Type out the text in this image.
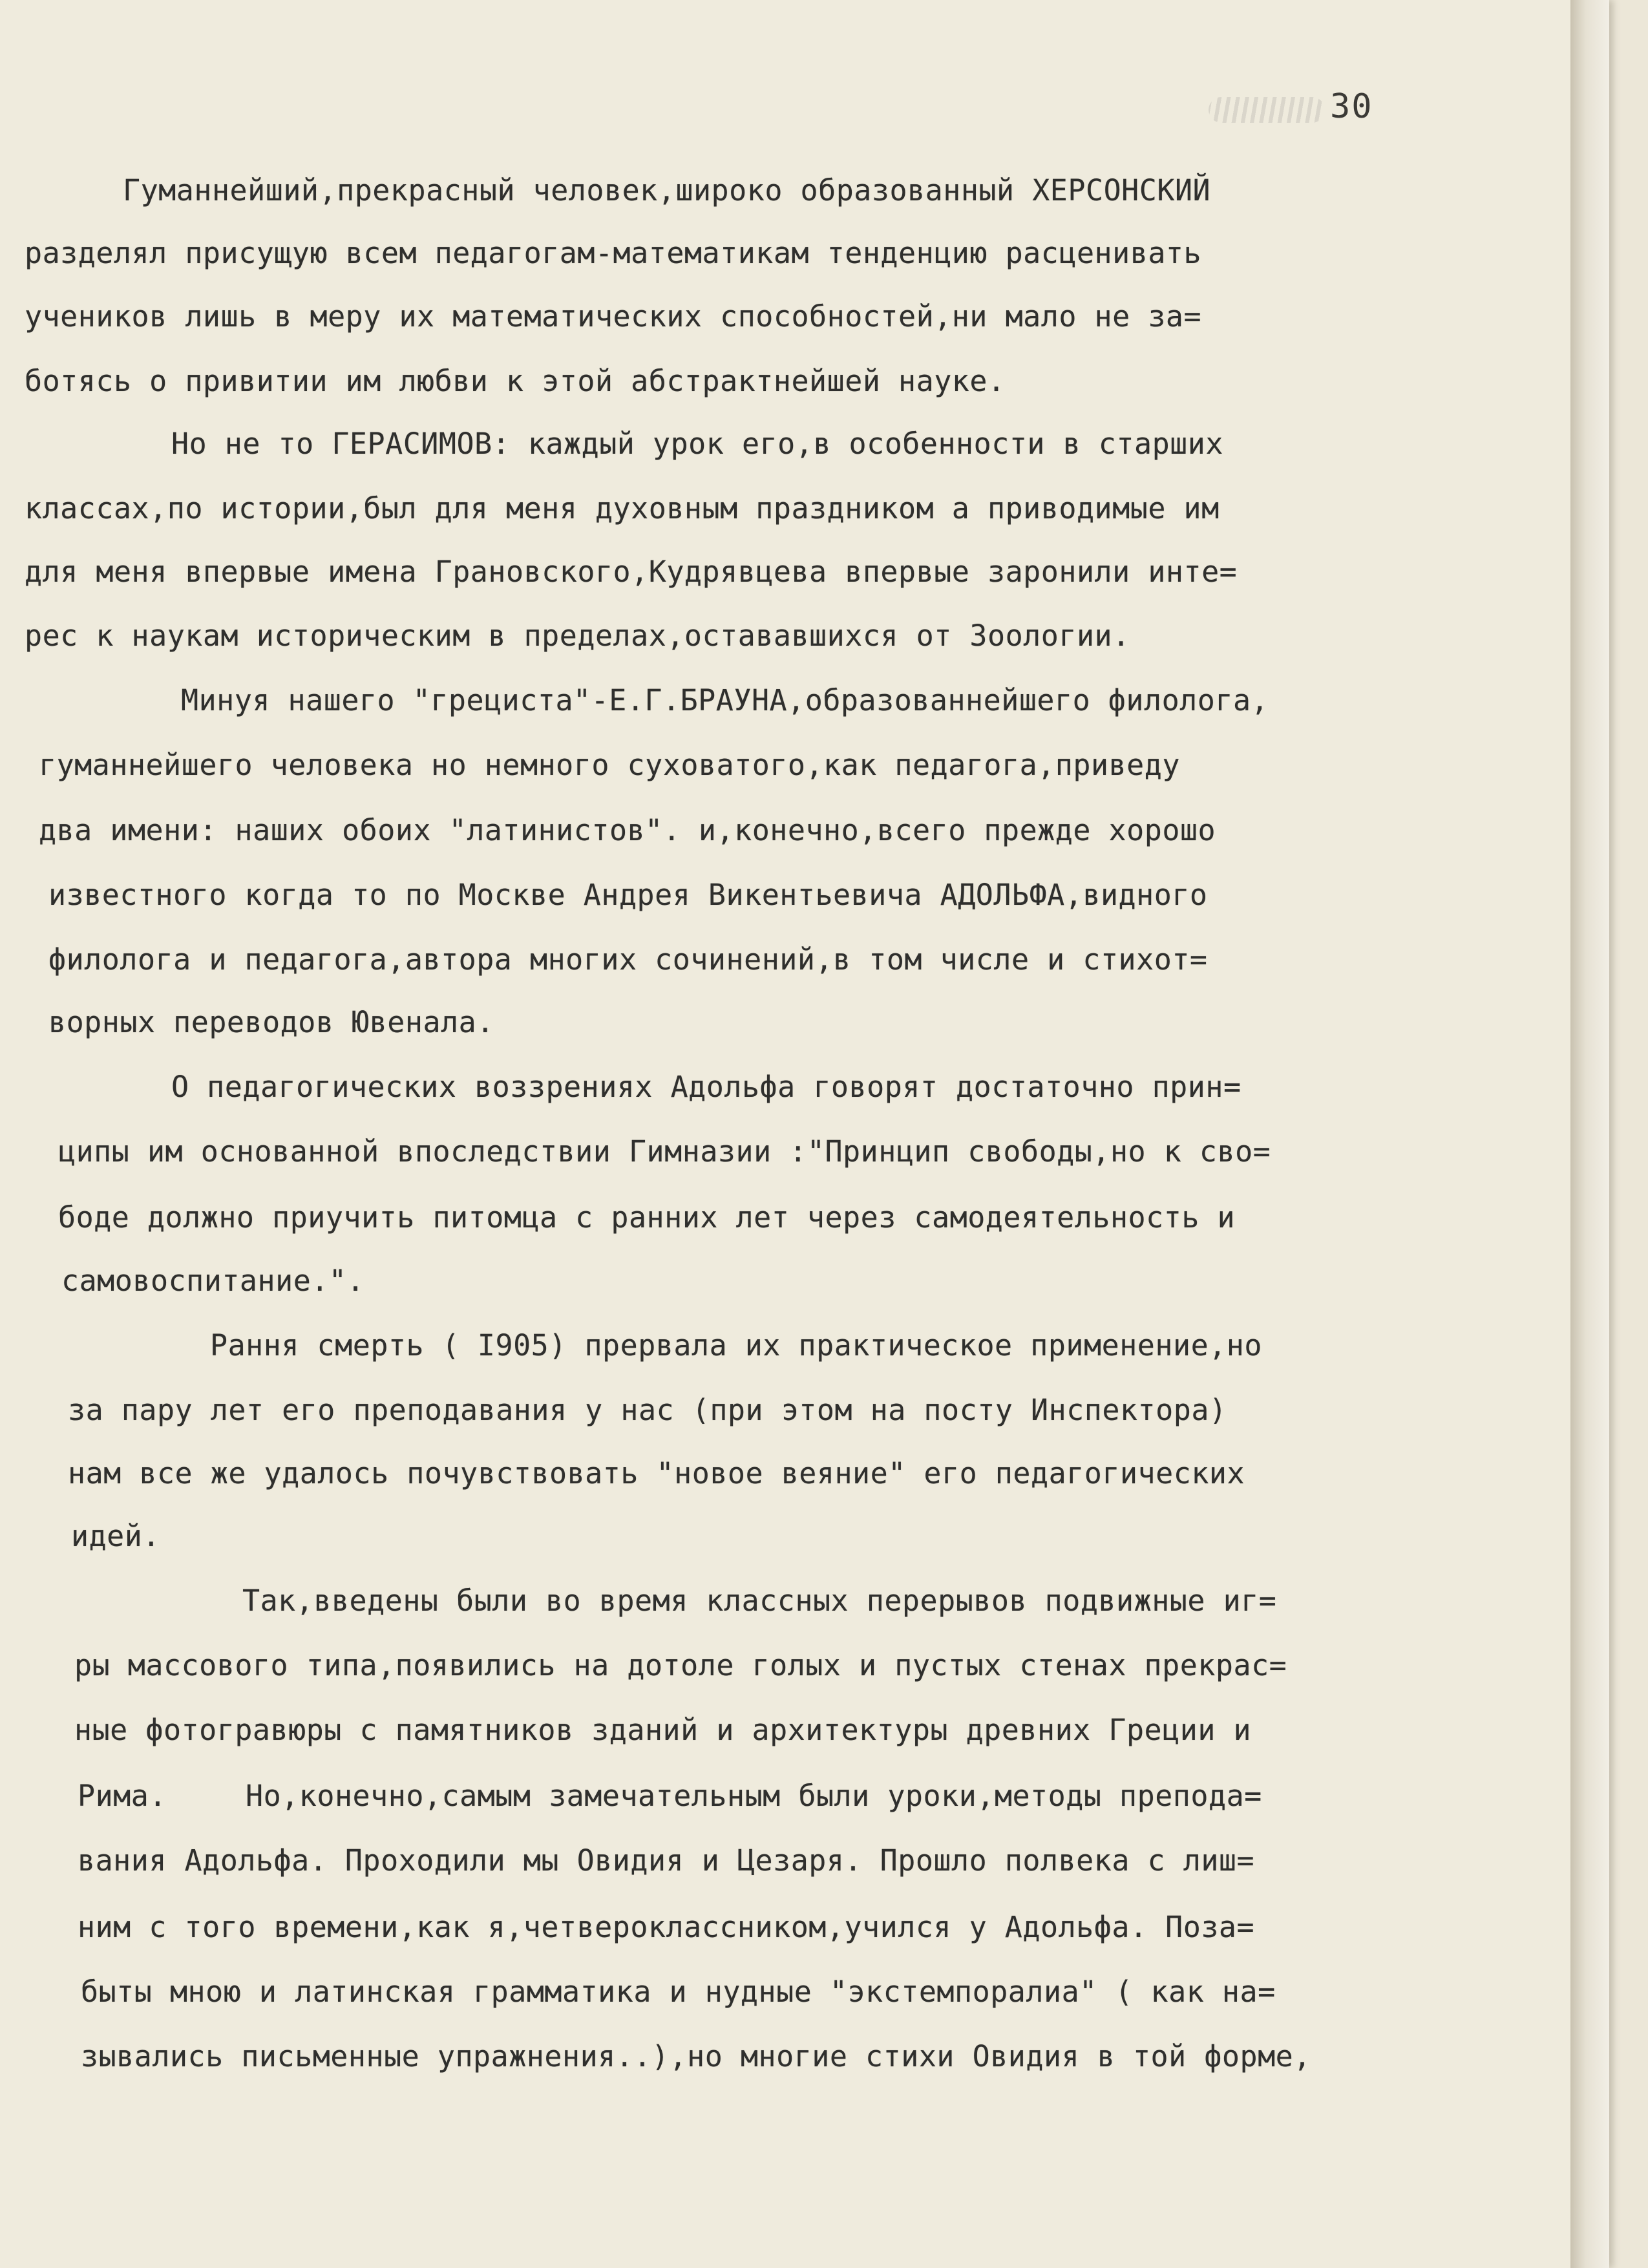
30
Гуманнейший,прекрасный человек,широко образованный ХЕРСОНСКИЙ
разделял присущую всем педагогам-математикам тенденцию расценивать
учеников лишь в меру их математических способностей,ни мало не за=
ботясь о привитии им любви к этой абстрактнейшей науке.
Но не то ГЕРАСИМОВ: каждый урок его,в особенности в старших
классах,по истории,был для меня духовным праздником а приводимые им
для меня впервые имена Грановского,Кудрявцева впервые заронили инте=
рес к наукам историческим в пределах,остававшихся от Зоологии.
Минуя нашего "грециста"-Е.Г.БРАУНА,образованнейшего филолога,
гуманнейшего человека но немного суховатого,как педагога,приведу
два имени: наших обоих "латинистов". и,конечно,всего прежде хорошо
известного когда то по Москве Андрея Викентьевича АДОЛЬФА,видного
филолога и педагога,автора многих сочинений,в том числе и стихот=
ворных переводов Ювенала.
О педагогических воззрениях Адольфа говорят достаточно прин=
ципы им основанной впоследствии Гимназии :"Принцип свободы,но к сво=
боде должно приучить питомца с ранних лет через самодеятельность и
самовоспитание.".
Рання смерть ( I905) прервала их практическое применение,но
за пару лет его преподавания у нас (при этом на посту Инспектора)
нам все же удалось почувствовать "новое веяние" его педагогических
идей.
Так,введены были во время классных перерывов подвижные иг=
ры массового типа,появились на дотоле голых и пустых стенах прекрас=
ные фотогравюры с памятников зданий и архитектуры древних Греции и
Рима.	Но,конечно,самым замечательным были уроки,методы препода=
вания Адольфа. Проходили мы Овидия и Цезаря. Прошло полвека с лиш=
ним с того времени,как я,четвероклассником,учился у Адольфа. Поза=
быты мною и латинская грамматика и нудные "экстемпоралиа" ( как на=
зывались письменные упражнения..),но многие стихи Овидия в той форме,
